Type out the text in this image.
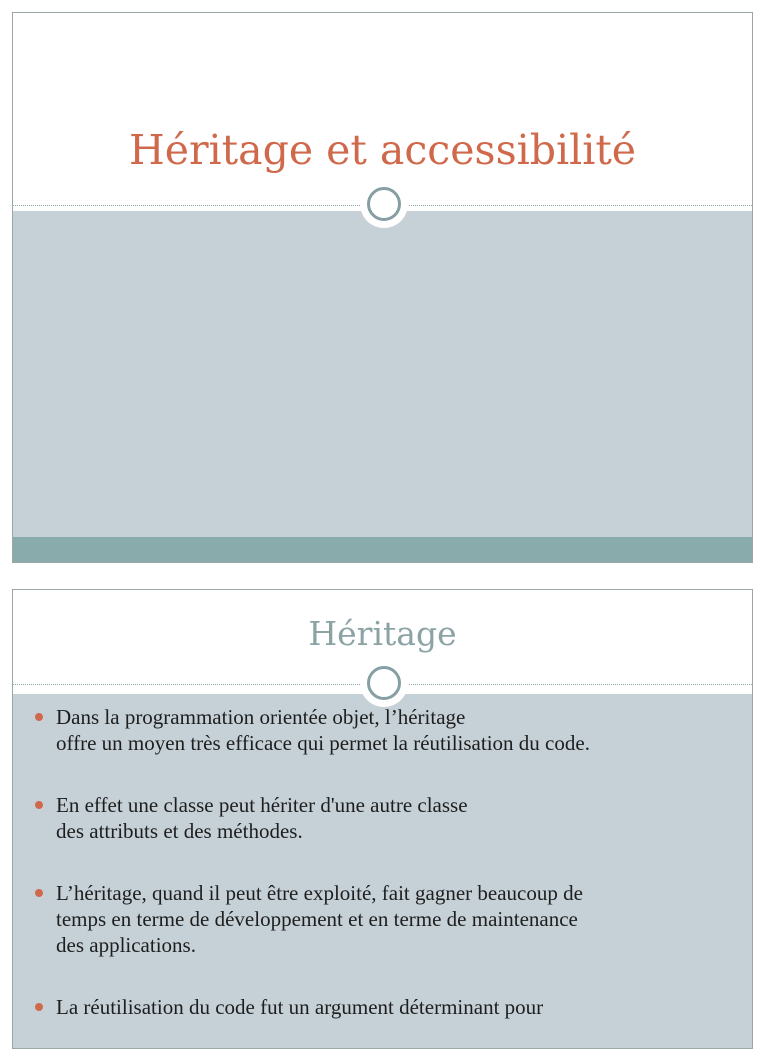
Héritage et accessibilité
Héritage
Dans la programmation orientée objet, l’héritage
offre un moyen très efficace qui permet la réutilisation du code.
En effet une classe peut hériter d'une autre classe
des attributs et des méthodes.
L’héritage, quand il peut être exploité, fait gagner beaucoup de
temps en terme de développement et en terme de maintenance
des applications.
La réutilisation du code fut un argument déterminant pour
